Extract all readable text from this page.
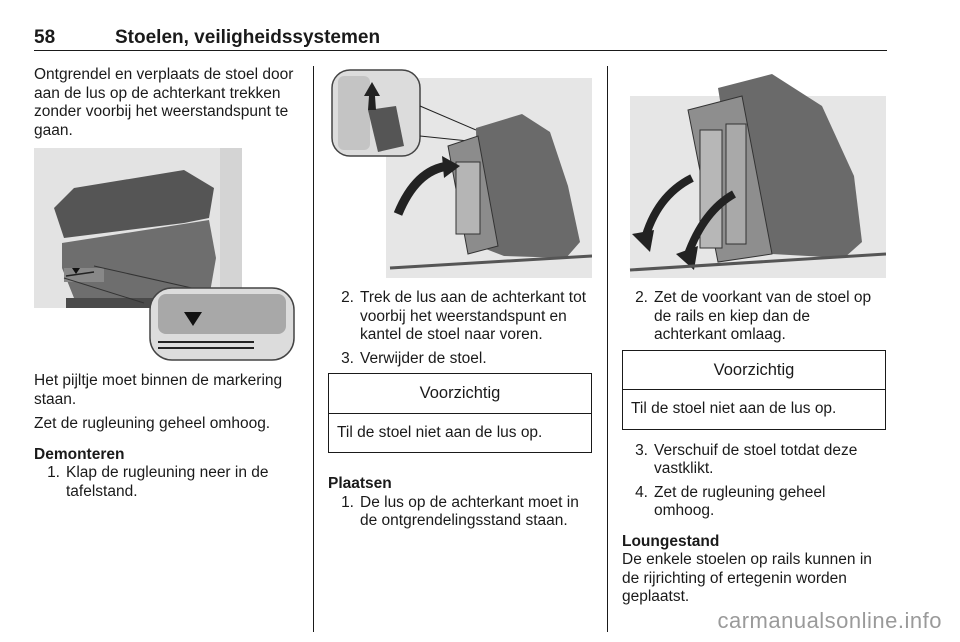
58	Stoelen, veiligheidssystemen

Ontgrendel en verplaats de stoel door aan de lus op de achterkant trekken zonder voorbij het weerstandspunt te gaan.

Het pijltje moet binnen de markering staan.

Zet de rugleuning geheel omhoog.

Demonteren
1. Klap de rugleuning neer in de tafelstand.
2. Trek de lus aan de achterkant tot voorbij het weerstandspunt en kantel de stoel naar voren.
3. Verwijder de stoel.
Voorzichtig
Til de stoel niet aan de lus op.
Plaatsen
1. De lus op de achterkant moet in de ontgrendelingsstand staan.
2. Zet de voorkant van de stoel op de rails en kiep dan de achterkant omlaag.
Voorzichtig
Til de stoel niet aan de lus op.
3. Verschuif de stoel totdat deze vastklikt.
4. Zet de rugleuning geheel omhoog.
Loungestand

De enkele stoelen op rails kunnen in de rijrichting of ertegenin worden geplaatst.

carmanualsonline.info
